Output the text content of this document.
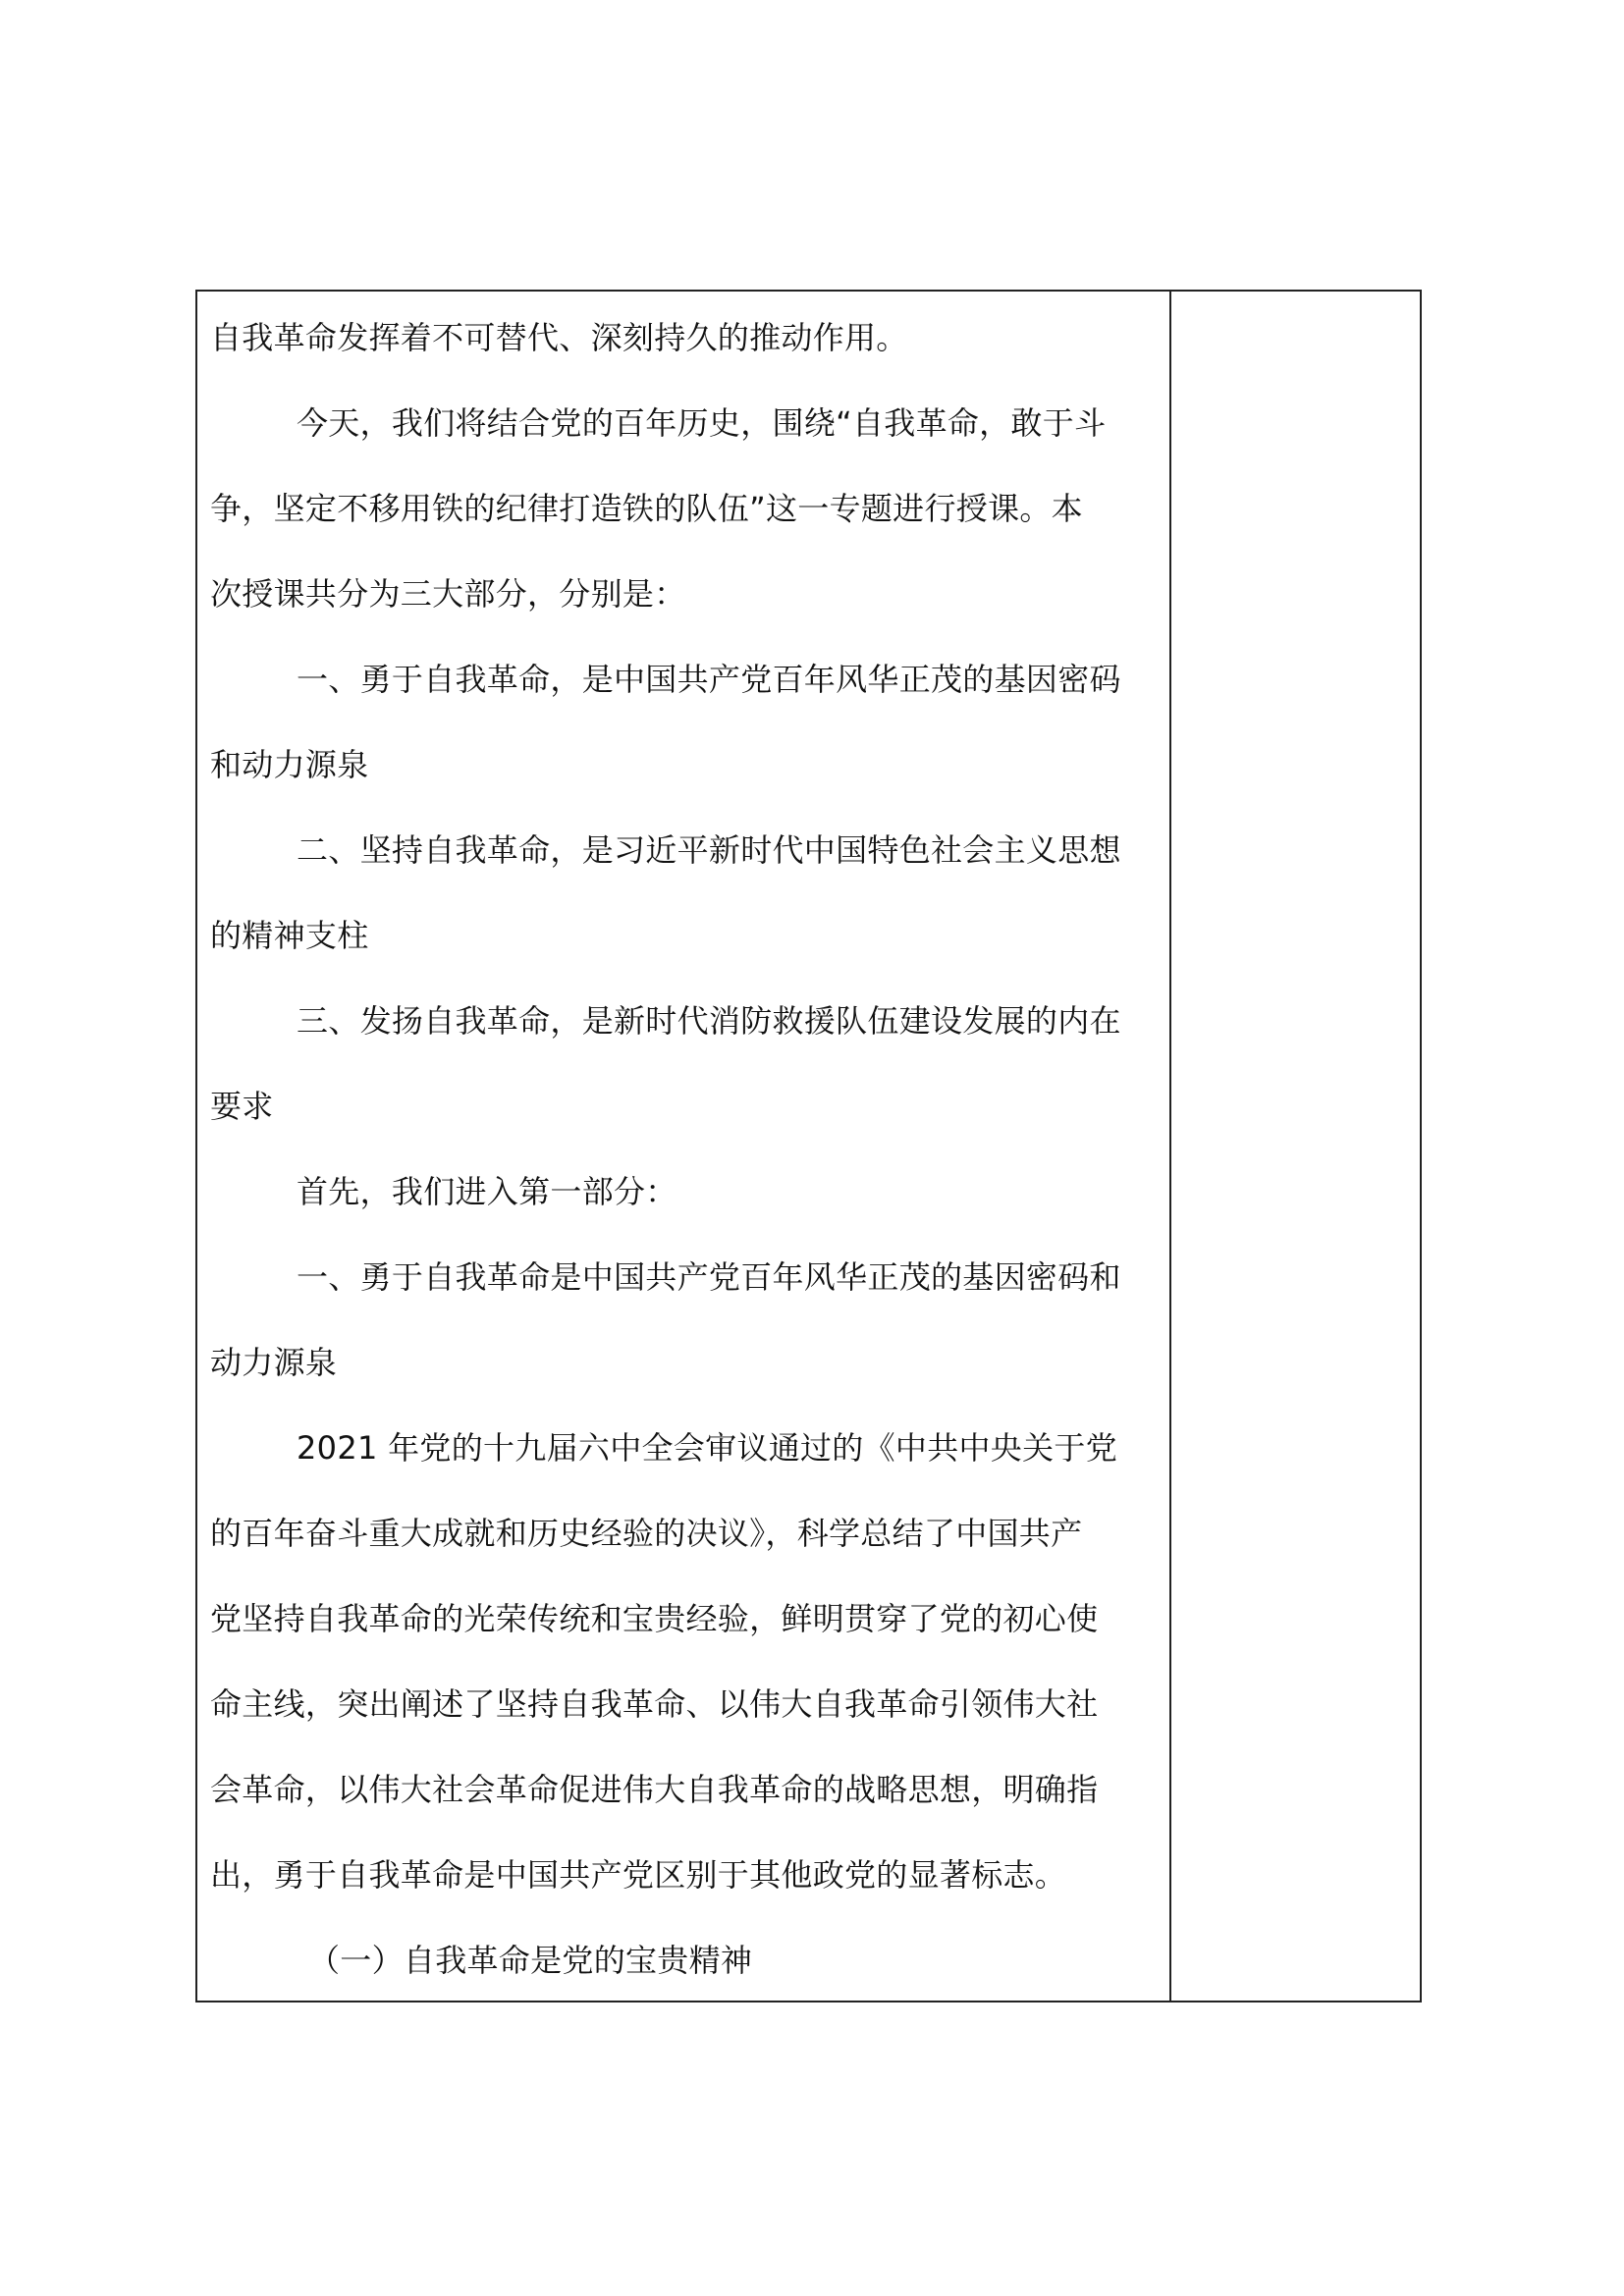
自我革命发挥着不可替代、深刻持久的推动作用。
今天，我们将结合党的百年历史，围绕“自我革命，敢于斗
争，坚定不移用铁的纪律打造铁的队伍”这一专题进行授课。本
次授课共分为三大部分，分别是：
一、勇于自我革命，是中国共产党百年风华正茂的基因密码
和动力源泉
二、坚持自我革命，是习近平新时代中国特色社会主义思想
的精神支柱
三、发扬自我革命，是新时代消防救援队伍建设发展的内在
要求
首先，我们进入第一部分：
一、勇于自我革命是中国共产党百年风华正茂的基因密码和
动力源泉
2021 年党的十九届六中全会审议通过的《中共中央关于党
的百年奋斗重大成就和历史经验的决议》，科学总结了中国共产
党坚持自我革命的光荣传统和宝贵经验，鲜明贯穿了党的初心使
命主线，突出阐述了坚持自我革命、以伟大自我革命引领伟大社
会革命，以伟大社会革命促进伟大自我革命的战略思想，明确指
出，勇于自我革命是中国共产党区别于其他政党的显著标志。
（一）自我革命是党的宝贵精神
